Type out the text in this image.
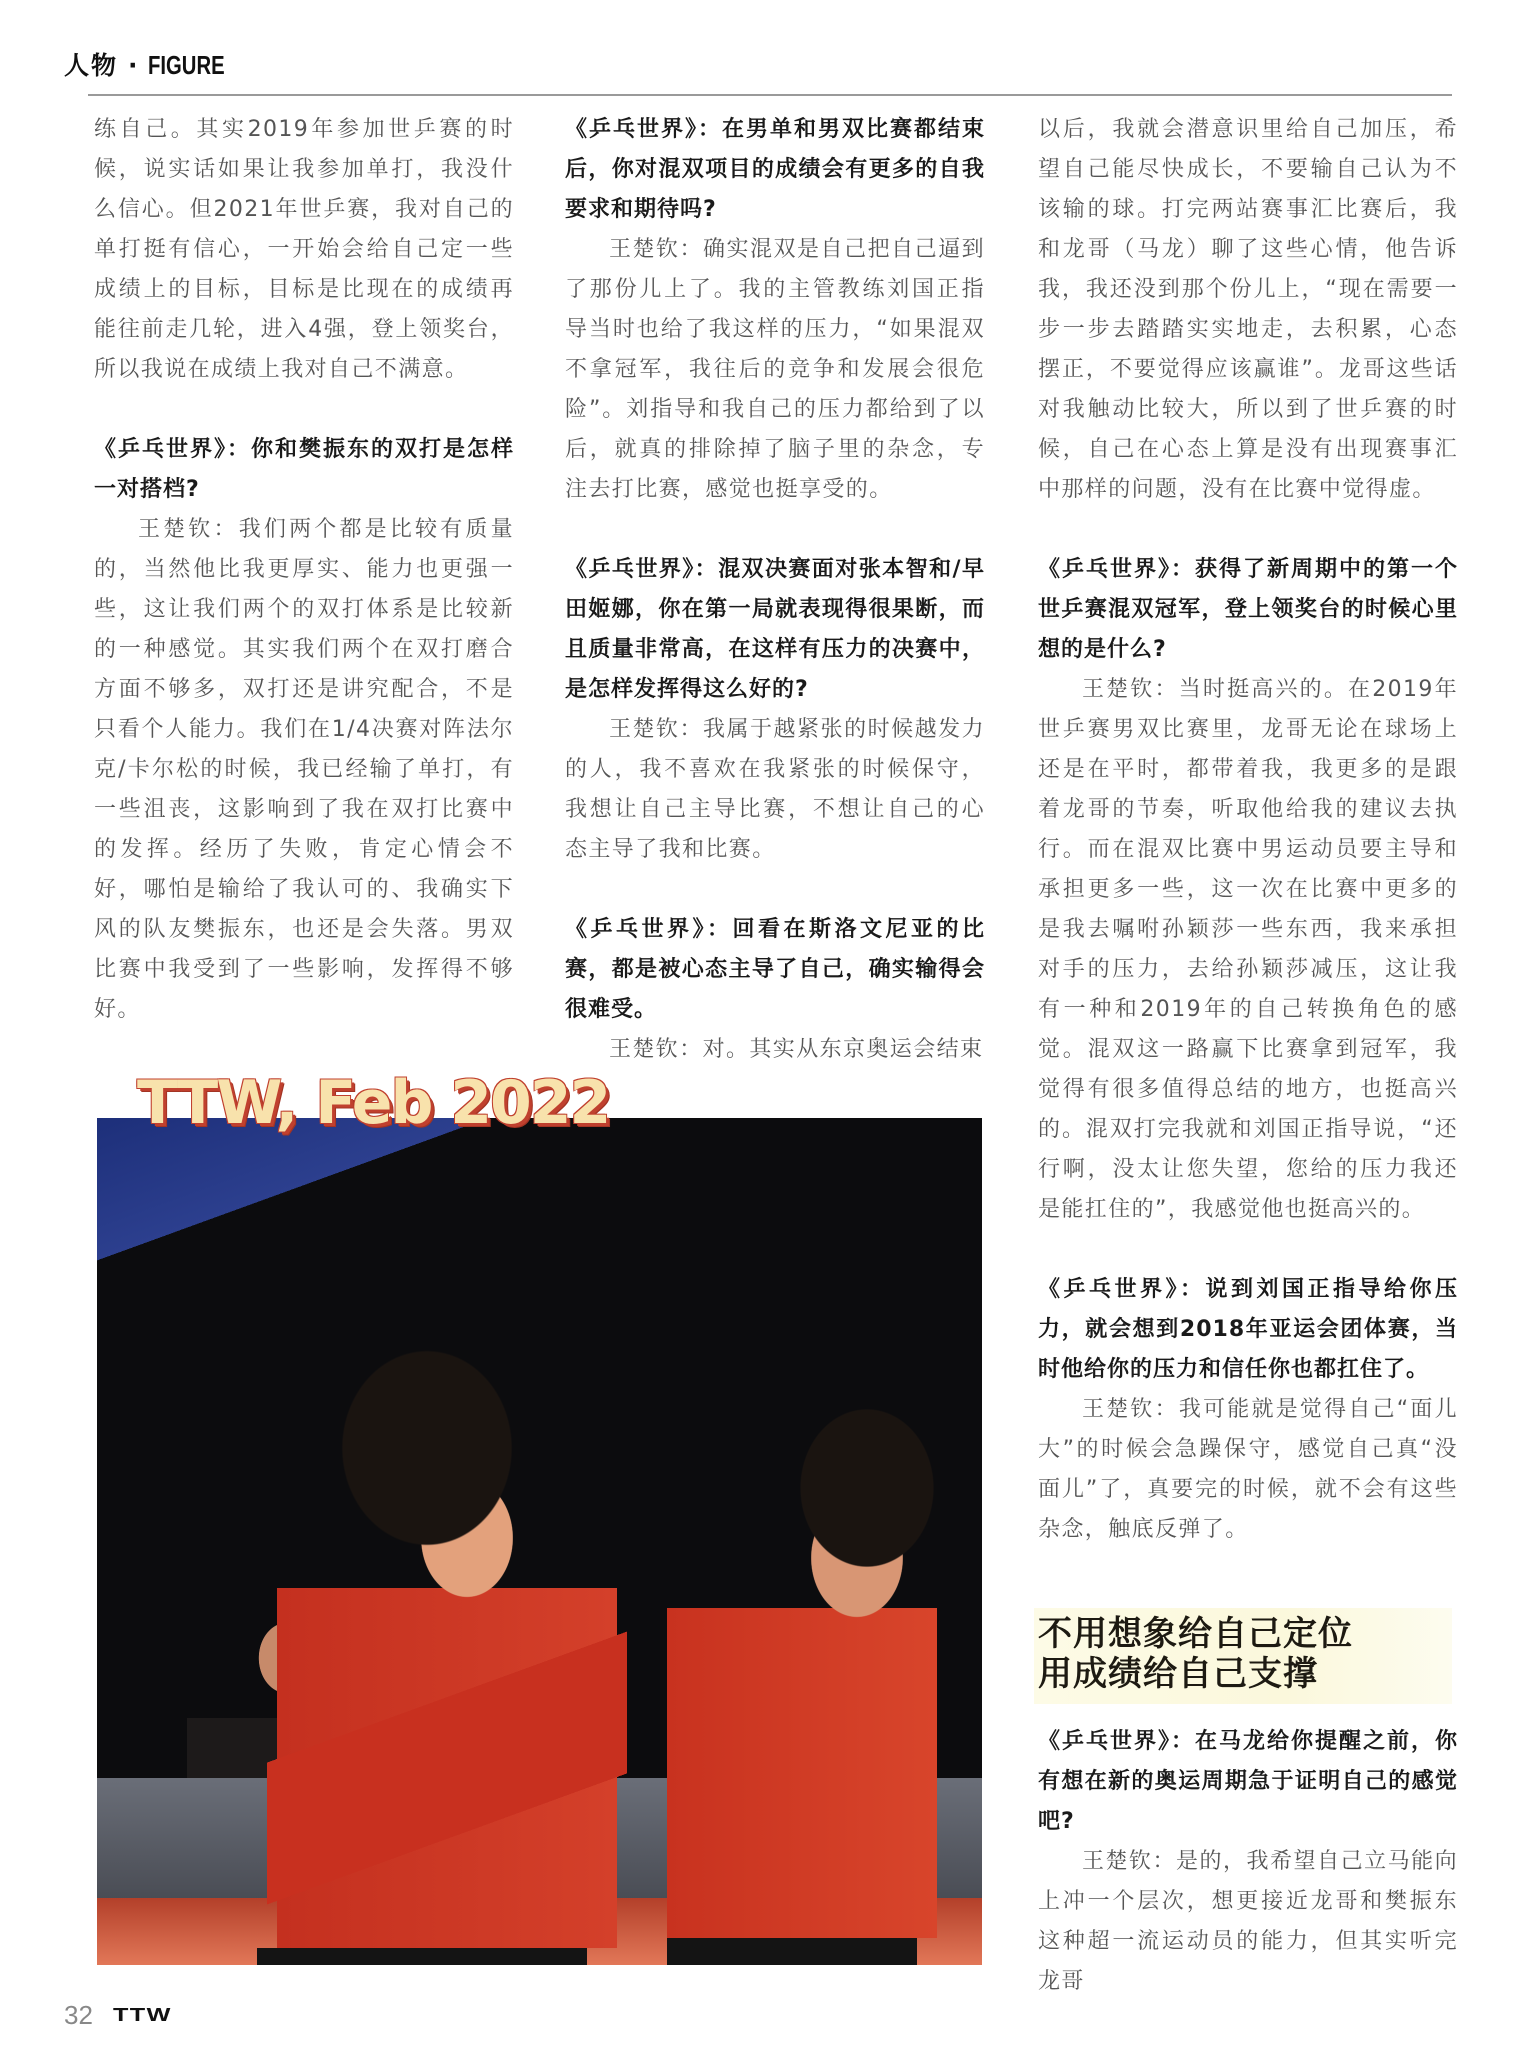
人物 · FIGURE

练自己。其实2019年参加世乒赛的时候，说实话如果让我参加单打，我没什么信心。但2021年世乒赛，我对自己的单打挺有信心，一开始会给自己定一些成绩上的目标，目标是比现在的成绩再能往前走几轮，进入4强，登上领奖台，所以我说在成绩上我对自己不满意。

《乒乓世界》：你和樊振东的双打是怎样一对搭档?

王楚钦：我们两个都是比较有质量的，当然他比我更厚实、能力也更强一些，这让我们两个的双打体系是比较新的一种感觉。其实我们两个在双打磨合方面不够多，双打还是讲究配合，不是只看个人能力。我们在1/4决赛对阵法尔克/卡尔松的时候，我已经输了单打，有一些沮丧，这影响到了我在双打比赛中的发挥。经历了失败，肯定心情会不好，哪怕是输给了我认可的、我确实下风的队友樊振东，也还是会失落。男双比赛中我受到了一些影响，发挥得不够好。

《乒乓世界》：在男单和男双比赛都结束后，你对混双项目的成绩会有更多的自我要求和期待吗?

王楚钦：确实混双是自己把自己逼到了那份儿上了。我的主管教练刘国正指导当时也给了我这样的压力，“如果混双不拿冠军，我往后的竞争和发展会很危险”。刘指导和我自己的压力都给到了以后，就真的排除掉了脑子里的杂念，专注去打比赛，感觉也挺享受的。

《乒乓世界》：混双决赛面对张本智和/早田姬娜，你在第一局就表现得很果断，而且质量非常高，在这样有压力的决赛中，是怎样发挥得这么好的?

王楚钦：我属于越紧张的时候越发力的人，我不喜欢在我紧张的时候保守，我想让自己主导比赛，不想让自己的心态主导了我和比赛。

《乒乓世界》：回看在斯洛文尼亚的比赛，都是被心态主导了自己，确实输得会很难受。

王楚钦：对。其实从东京奥运会结束

以后，我就会潜意识里给自己加压，希望自己能尽快成长，不要输自己认为不该输的球。打完两站赛事汇比赛后，我和龙哥（马龙）聊了这些心情，他告诉我，我还没到那个份儿上，“现在需要一步一步去踏踏实实地走，去积累，心态摆正，不要觉得应该赢谁”。龙哥这些话对我触动比较大，所以到了世乒赛的时候，自己在心态上算是没有出现赛事汇中那样的问题，没有在比赛中觉得虚。

《乒乓世界》：获得了新周期中的第一个世乒赛混双冠军，登上领奖台的时候心里想的是什么?

王楚钦：当时挺高兴的。在2019年世乒赛男双比赛里，龙哥无论在球场上还是在平时，都带着我，我更多的是跟着龙哥的节奏，听取他给我的建议去执行。而在混双比赛中男运动员要主导和承担更多一些，这一次在比赛中更多的是我去嘱咐孙颖莎一些东西，我来承担对手的压力，去给孙颖莎减压，这让我有一种和2019年的自己转换角色的感觉。混双这一路赢下比赛拿到冠军，我觉得有很多值得总结的地方，也挺高兴的。混双打完我就和刘国正指导说，“还行啊，没太让您失望，您给的压力我还是能扛住的”，我感觉他也挺高兴的。

《乒乓世界》：说到刘国正指导给你压力，就会想到2018年亚运会团体赛，当时他给你的压力和信任你也都扛住了。

王楚钦：我可能就是觉得自己“面儿大”的时候会急躁保守，感觉自己真“没面儿”了，真要完的时候，就不会有这些杂念，触底反弹了。

不用想象给自己定位
用成绩给自己支撑

《乒乓世界》：在马龙给你提醒之前，你有想在新的奥运周期急于证明自己的感觉吧?

王楚钦：是的，我希望自己立马能向上冲一个层次，想更接近龙哥和樊振东这种超一流运动员的能力，但其实听完龙哥

TTW, Feb 2022
32 TTW
